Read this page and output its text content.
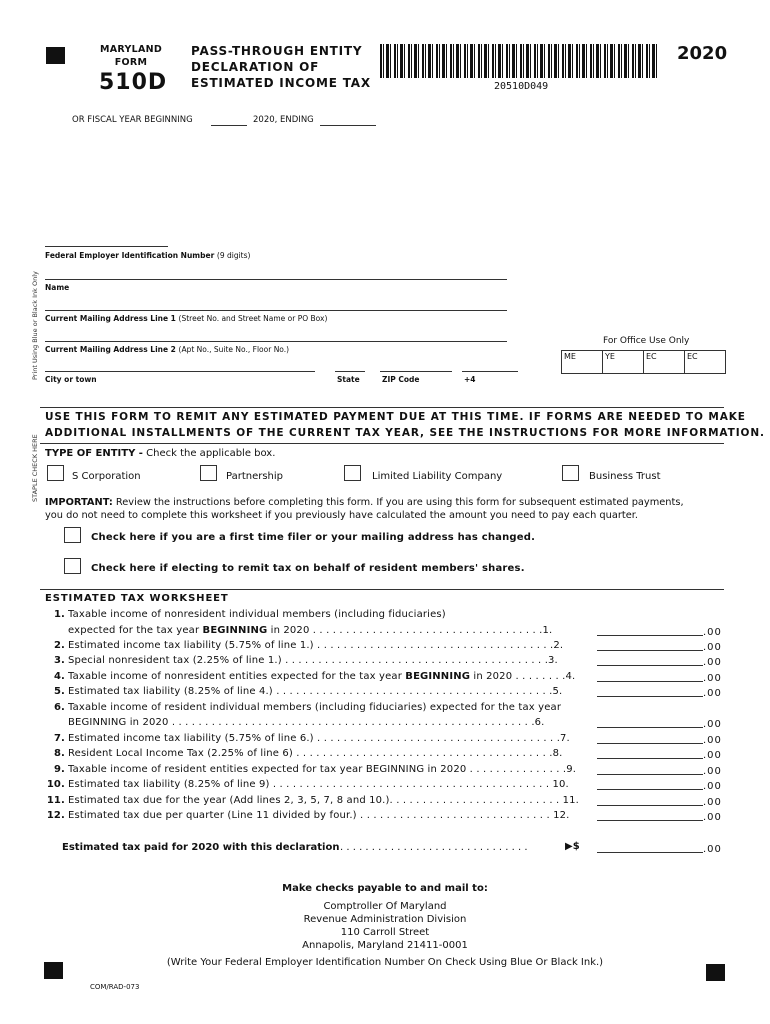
MARYLAND
FORM
510D
PASS-THROUGH ENTITY
DECLARATION OF
ESTIMATED INCOME TAX	20510D049
2020
OR FISCAL YEAR BEGINNING	2020, ENDING
Print Using Blue or Black Ink Only
STAPLE CHECK HERE
Federal Employer Identification Number (9 digits)
Name
Current Mailing Address Line 1 (Street No. and Street Name or PO Box)
Current Mailing Address Line 2 (Apt No., Suite No., Floor No.)
City or town	State	ZIP Code	+4
For Office Use Only
ME	YE	EC	EC
USE THIS FORM TO REMIT ANY ESTIMATED PAYMENT DUE AT THIS TIME. IF FORMS ARE NEEDED TO MAKE
ADDITIONAL INSTALLMENTS OF THE CURRENT TAX YEAR, SEE THE INSTRUCTIONS FOR MORE INFORMATION.
TYPE OF ENTITY - Check the applicable box.
S Corporation	Partnership	Limited Liability Company	Business Trust
IMPORTANT: Review the instructions before completing this form. If you are using this form for subsequent estimated payments,
you do not need to complete this worksheet if you previously have calculated the amount you need to pay each quarter.
Check here if you are a first time filer or your mailing address has changed.
Check here if electing to remit tax on behalf of resident members' shares.
ESTIMATED TAX WORKSHEET
1. Taxable income of nonresident individual members (including fiduciaries)
expected for the tax year BEGINNING in 2020 . . . . . . . . . . . . . . . . . . . . . . . . . . . . . . . . . . .1.	.00
2. Estimated income tax liability (5.75% of line 1.) . . . . . . . . . . . . . . . . . . . . . . . . . . . . . . . . . . . .2.	.00
3. Special nonresident tax (2.25% of line 1.) . . . . . . . . . . . . . . . . . . . . . . . . . . . . . . . . . . . . . . . .3.	.00
4. Taxable income of nonresident entities expected for the tax year BEGINNING in 2020 . . . . . . . .4.	.00
5. Estimated tax liability (8.25% of line 4.) . . . . . . . . . . . . . . . . . . . . . . . . . . . . . . . . . . . . . . . . . .5.	.00
6. Taxable income of resident individual members (including fiduciaries) expected for the tax year
BEGINNING in 2020 . . . . . . . . . . . . . . . . . . . . . . . . . . . . . . . . . . . . . . . . . . . . . . . . . . . . . . .6.	.00
7. Estimated income tax liability (5.75% of line 6.) . . . . . . . . . . . . . . . . . . . . . . . . . . . . . . . . . . . . .7.	.00
8. Resident Local Income Tax (2.25% of line 6) . . . . . . . . . . . . . . . . . . . . . . . . . . . . . . . . . . . . . . .8.	.00
9. Taxable income of resident entities expected for tax year BEGINNING in 2020 . . . . . . . . . . . . . . .9.	.00
10. Estimated tax liability (8.25% of line 9) . . . . . . . . . . . . . . . . . . . . . . . . . . . . . . . . . . . . . . . . . . 10.	.00
11. Estimated tax due for the year (Add lines 2, 3, 5, 7, 8 and 10.). . . . . . . . . . . . . . . . . . . . . . . . . . 11.	.00
12. Estimated tax due per quarter (Line 11 divided by four.) . . . . . . . . . . . . . . . . . . . . . . . . . . . . . 12.	.00
Estimated tax paid for 2020 with this declaration . . . . . . . . . . . . . . . . . . . . . . . . . . . . . .	▶$	.00
Make checks payable to and mail to:
Comptroller Of Maryland
Revenue Administration Division
110 Carroll Street
Annapolis, Maryland 21411-0001
(Write Your Federal Employer Identification Number On Check Using Blue Or Black Ink.)
COM/RAD-073
